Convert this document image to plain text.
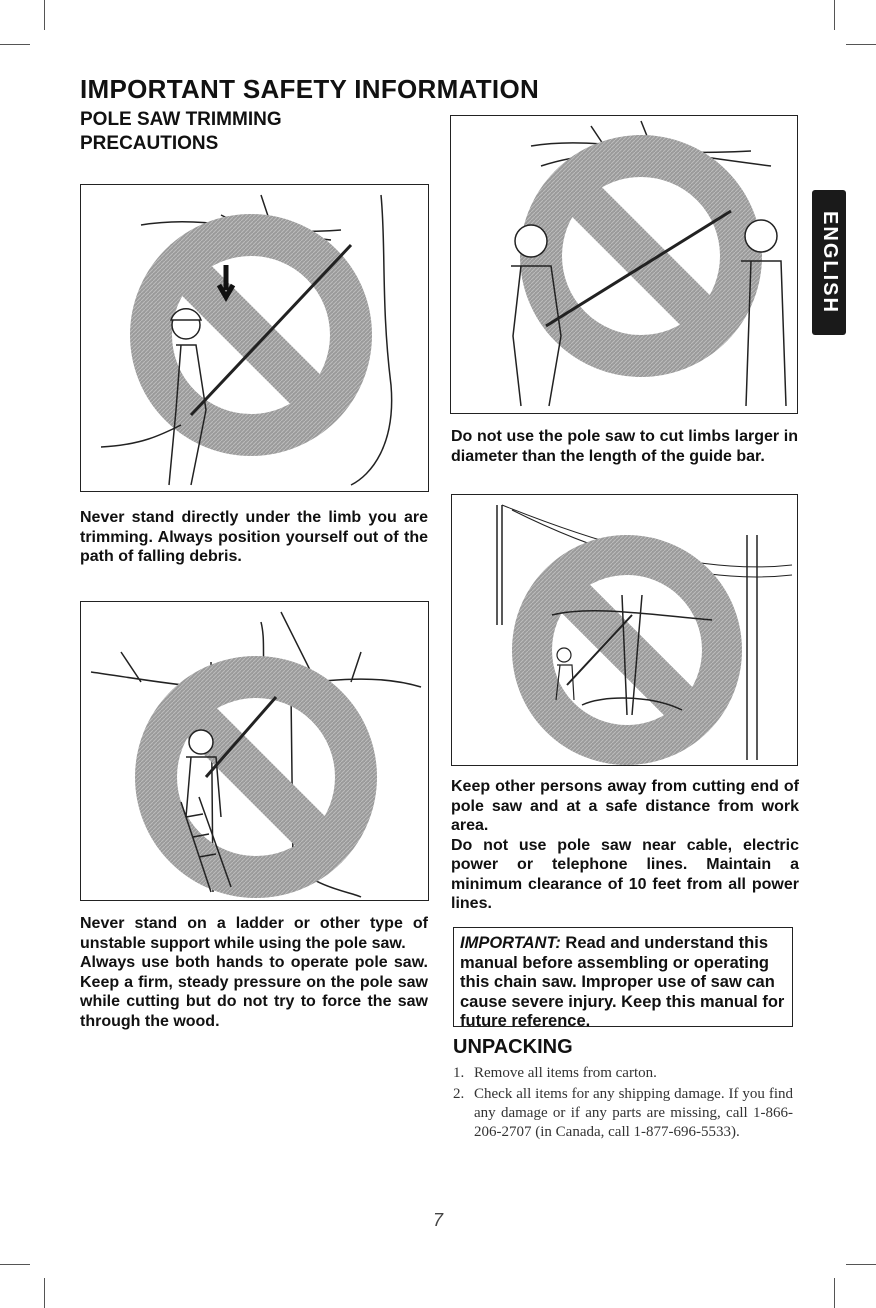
IMPORTANT SAFETY INFORMATION
POLE SAW TRIMMING PRECAUTIONS
ENGLISH

Never stand directly under the limb you are trimming. Always position yourself out of the path of falling debris.

Do not use the pole saw to cut limbs larger in diameter than the length of the guide bar.

Keep other persons away from cutting end of pole saw and at a safe distance from work area.

Do not use pole saw near cable, electric power or telephone lines. Maintain a minimum clearance of 10 feet from all power lines.

Never stand on a ladder or other type of unstable support while using the pole saw.

Always use both hands to operate pole saw. Keep a firm, steady pressure on the pole saw while cutting but do not try to force the saw through the wood.

IMPORTANT: Read and understand this manual before assembling or operating this chain saw. Improper use of saw can cause severe injury. Keep this manual for future reference.
UNPACKING
1. Remove all items from carton.
2. Check all items for any shipping damage. If you find any damage or if any parts are missing, call 1-866-206-2707 (in Canada, call 1-877-696-5533).
7
